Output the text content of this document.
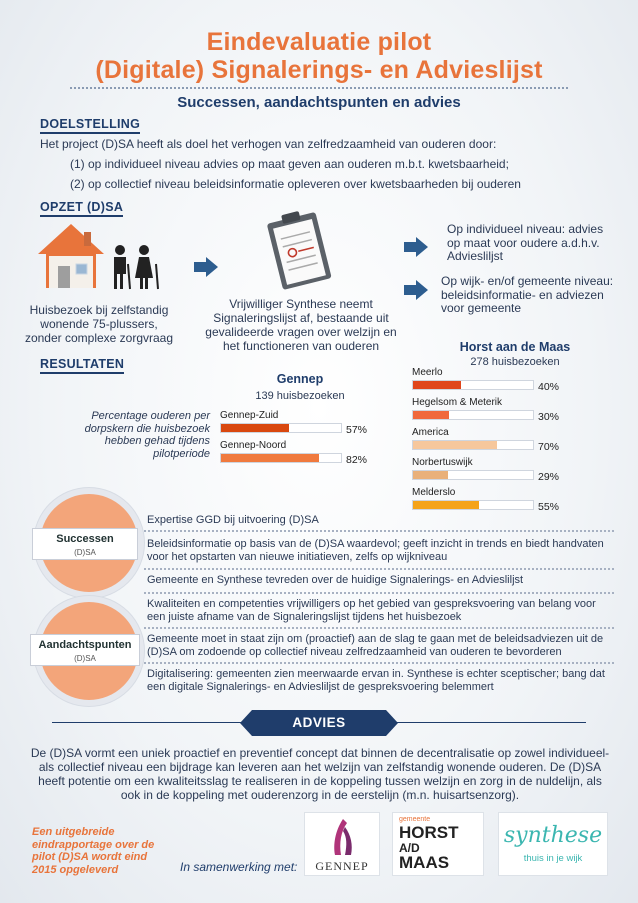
Eindevaluatie pilot
(Digitale) Signalerings- en Advieslijst
Successen, aandachtspunten en advies
DOELSTELLING
Het project (D)SA heeft als doel het verhogen van zelfredzaamheid van ouderen door:
(1) op individueel niveau advies op maat geven aan ouderen m.b.t. kwetsbaarheid;
(2) op collectief niveau beleidsinformatie opleveren over kwetsbaarheden bij ouderen
OPZET (D)SA
Huisbezoek bij zelfstandig wonende 75-plussers, zonder complexe zorgvraag
Vrijwilliger Synthese neemt Signaleringslijst af, bestaande uit gevalideerde vragen over welzijn en het functioneren van ouderen
Op individueel niveau: advies op maat voor oudere a.d.h.v. Adviesliljst
Op wijk- en/of gemeente niveau: beleidsinformatie- en adviezen voor gemeente
RESULTATEN
Percentage ouderen per dorpskern die huisbezoek hebben gehad tijdens pilotperiode
Gennep
139 huisbezoeken
Gennep-Zuid
57%
Gennep-Noord
82%
Horst aan de Maas
278 huisbezoeken
Meerlo
40%
Hegelsom & Meterik
30%
America
70%
Norbertuswijk
29%
Melderslo
55%
Successen
(D)SA
Expertise GGD bij uitvoering (D)SA
Beleidsinformatie op basis van de (D)SA waardevol; geeft inzicht in trends en biedt handvaten voor het opstarten van nieuwe initiatieven, zelfs op wijkniveau
Gemeente en Synthese tevreden over de huidige Signalerings- en Adviesliljst
Aandachtspunten
(D)SA
Kwaliteiten en competenties vrijwilligers op het gebied van gespreksvoering van belang voor een juiste afname van de Signaleringslijst tijdens het huisbezoek
Gemeente moet in staat zijn om (proactief) aan de slag te gaan met de beleidsadviezen uit de (D)SA om zodoende op collectief niveau zelfredzaamheid van ouderen te bevorderen
Digitalisering: gemeenten zien meerwaarde ervan in. Synthese is echter sceptischer; bang dat een digitale Signalerings- en Adviesliljst de gespreksvoering belemmert
ADVIES
De (D)SA vormt een uniek proactief en preventief concept dat binnen de decentralisatie op zowel individueel- als collectief niveau een bijdrage kan leveren aan het welzijn van zelfstandig wonende ouderen. De (D)SA heeft potentie om een kwaliteitsslag te realiseren in de koppeling tussen welzijn en zorg in de nuldelijn, als ook in de koppeling met ouderenzorg in de eerstelijn (m.n. huisartsenzorg).
Een uitgebreide eindrapportage over de pilot (D)SA wordt eind 2015 opgeleverd	In samenwerking met:	GENNEP
gemeente
HORST
A/D
MAAS
synthese
thuis in je wijk
